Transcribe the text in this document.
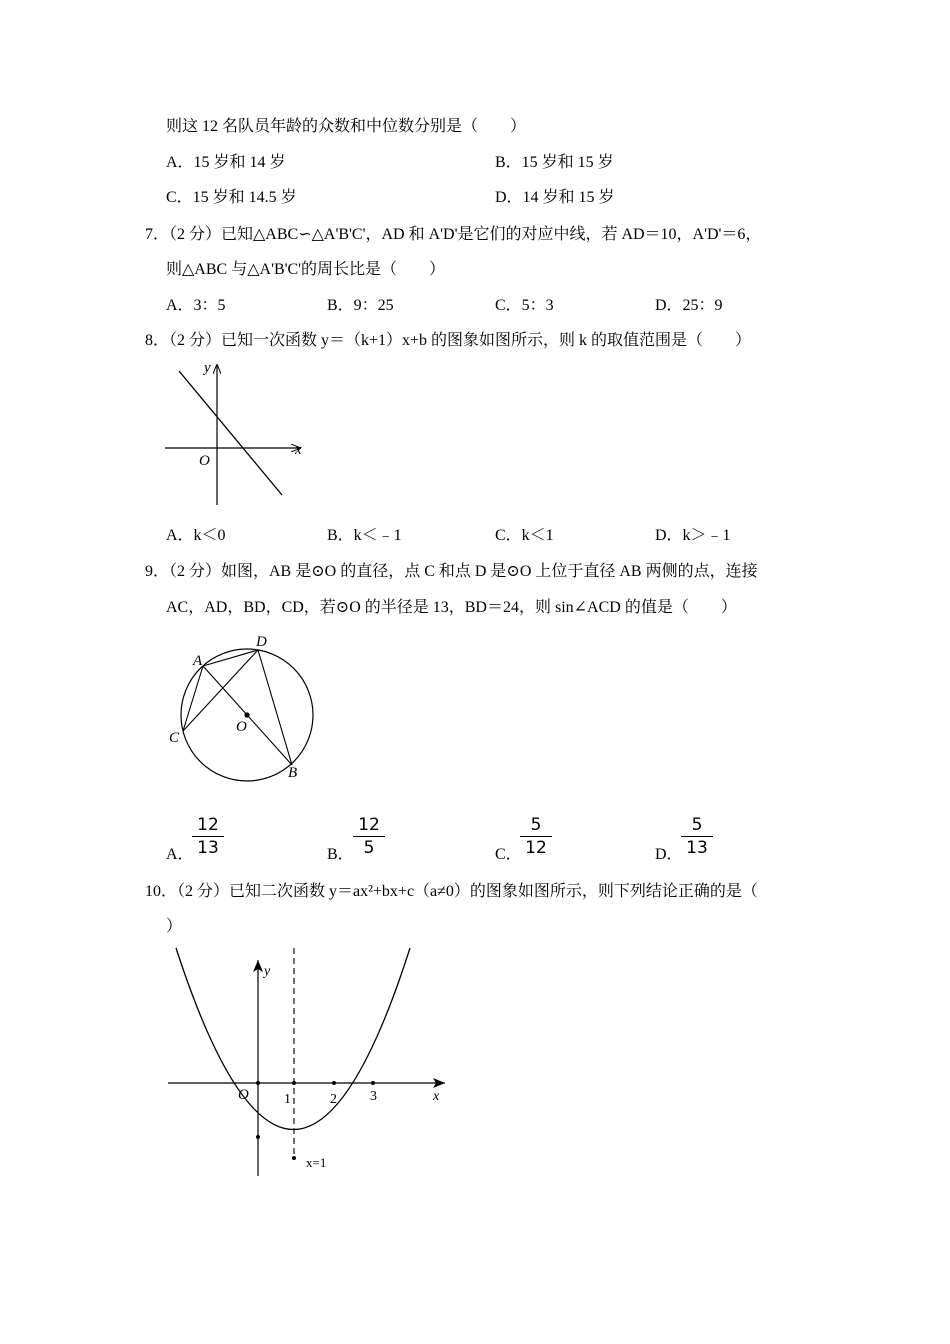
则这 12 名队员年龄的众数和中位数分别是（　　）
A．15 岁和 14 岁	B．15 岁和 15 岁
C．15 岁和 14.5 岁	D．14 岁和 15 岁
7．（2 分）已知△ABC∽△A'B'C'，AD 和 A'D'是它们的对应中线，若 AD＝10，A'D'＝6，
则△ABC 与△A'B'C'的周长比是（　　）
A．3：5	B．9：25	C．5：3	D．25：9
8．（2 分）已知一次函数 y＝（k+1）x+b 的图象如图所示，则 k 的取值范围是（　　）
x
y
O
A．k＜0	B．k＜﹣1	C．k＜1	D．k＞﹣1
9．（2 分）如图，AB 是⊙O 的直径，点 C 和点 D 是⊙O 上位于直径 AB 两侧的点，连接
AC，AD，BD，CD，若⊙O 的半径是 13，BD＝24，则 sin∠ACD 的值是（　　）
A
D
C
O
B
A．
12
13	B．
12
5	C．
5
12	D．
5
13
10．（2 分）已知二次函数 y＝ax²+bx+c（a≠0）的图象如图所示，则下列结论正确的是（
）
y
x
O	1	2 3
x=1
